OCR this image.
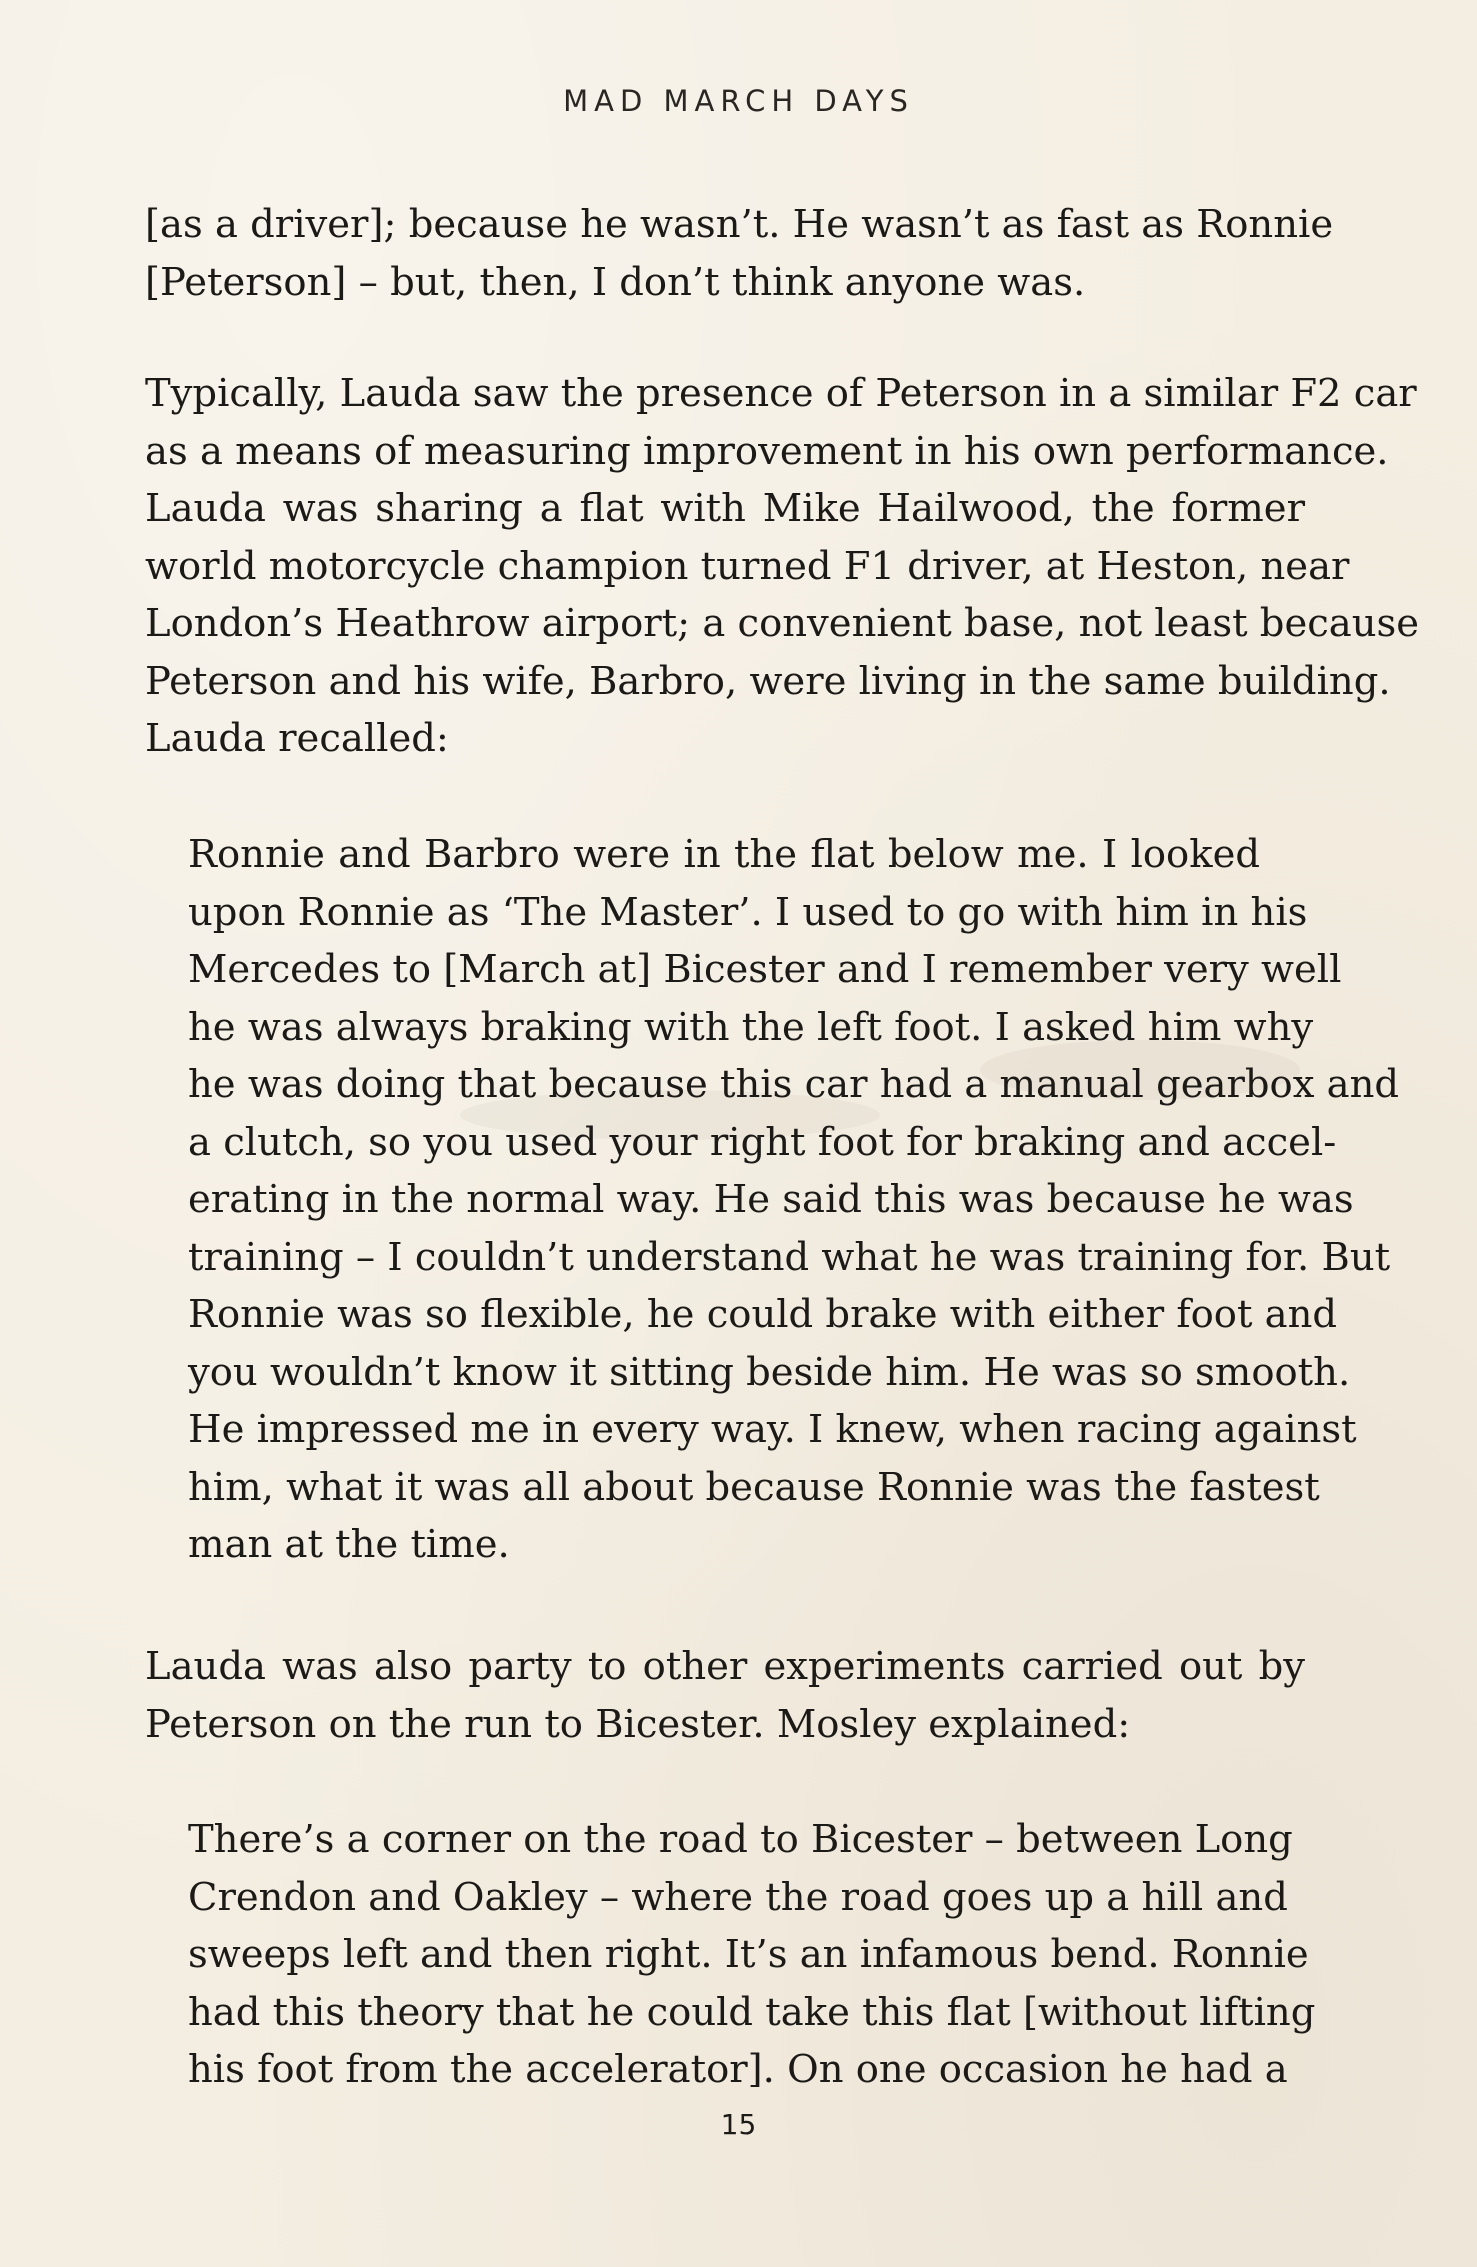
MAD MARCH DAYS
[as a driver]; because he wasn’t. He wasn’t as fast as Ronnie
[Peterson] – but, then, I don’t think anyone was.
Typically, Lauda saw the presence of Peterson in a similar F2 car
as a means of measuring improvement in his own performance.
Lauda was sharing a flat with Mike Hailwood, the former
world motorcycle champion turned F1 driver, at Heston, near
London’s Heathrow airport; a convenient base, not least because
Peterson and his wife, Barbro, were living in the same building.
Lauda recalled:
Ronnie and Barbro were in the flat below me. I looked
upon Ronnie as ‘The Master’. I used to go with him in his
Mercedes to [March at] Bicester and I remember very well
he was always braking with the left foot. I asked him why
he was doing that because this car had a manual gearbox and
a clutch, so you used your right foot for braking and accel-
erating in the normal way. He said this was because he was
training – I couldn’t understand what he was training for. But
Ronnie was so flexible, he could brake with either foot and
you wouldn’t know it sitting beside him. He was so smooth.
He impressed me in every way. I knew, when racing against
him, what it was all about because Ronnie was the fastest
man at the time.
Lauda was also party to other experiments carried out by
Peterson on the run to Bicester. Mosley explained:
There’s a corner on the road to Bicester – between Long
Crendon and Oakley – where the road goes up a hill and
sweeps left and then right. It’s an infamous bend. Ronnie
had this theory that he could take this flat [without lifting
his foot from the accelerator]. On one occasion he had a
15
